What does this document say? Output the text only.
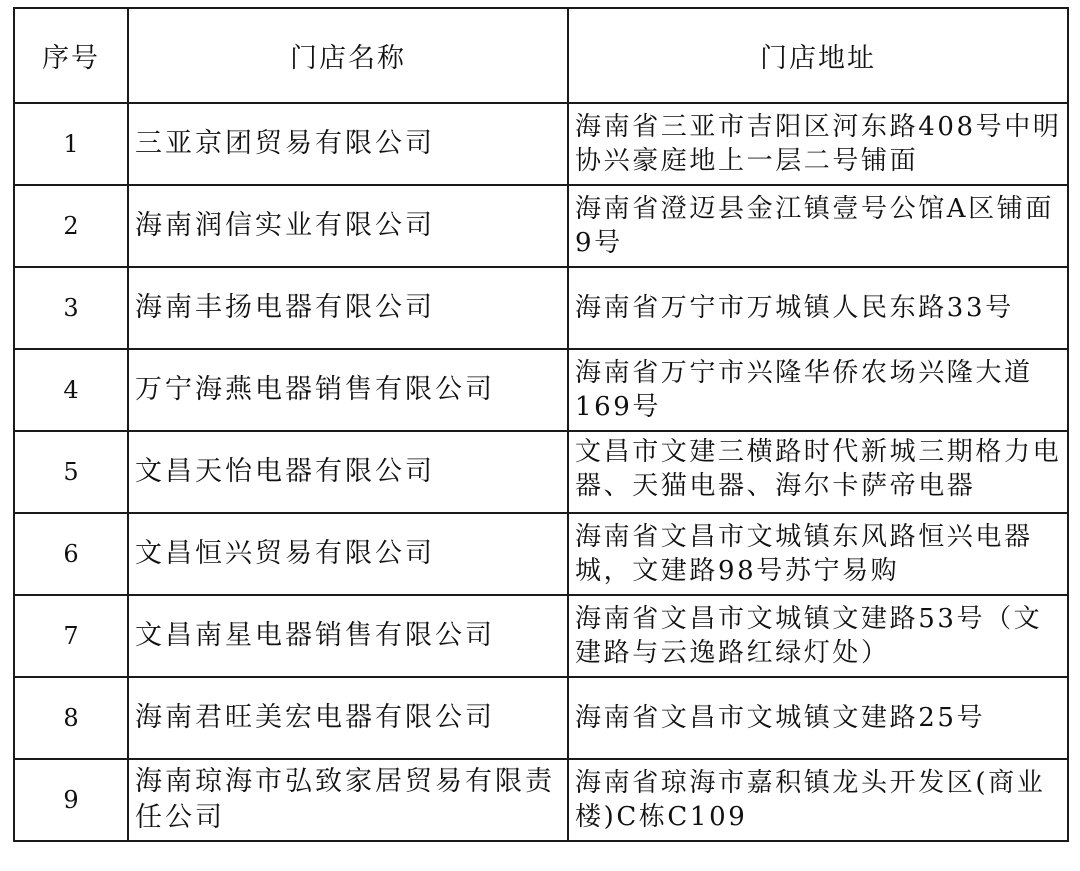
序号	门店名称	门店地址
1	三亚京团贸易有限公司	海南省三亚市吉阳区河东路408号中明协兴豪庭地上一层二号铺面

2	海南润信实业有限公司	海南省澄迈县金江镇壹号公馆A区铺面9号

3	海南丰扬电器有限公司	海南省万宁市万城镇人民东路33号

4	万宁海燕电器销售有限公司	海南省万宁市兴隆华侨农场兴隆大道169号

5	文昌天怡电器有限公司	文昌市文建三横路时代新城三期格力电器、天猫电器、海尔卡萨帝电器

6	文昌恒兴贸易有限公司	海南省文昌市文城镇东风路恒兴电器城，文建路98号苏宁易购

7	文昌南星电器销售有限公司	海南省文昌市文城镇文建路53号（文建路与云逸路红绿灯处）

8	海南君旺美宏电器有限公司	海南省文昌市文城镇文建路25号

9	海南琼海市弘致家居贸易有限责任公司	海南省琼海市嘉积镇龙头开发区(商业楼)C栋C109
